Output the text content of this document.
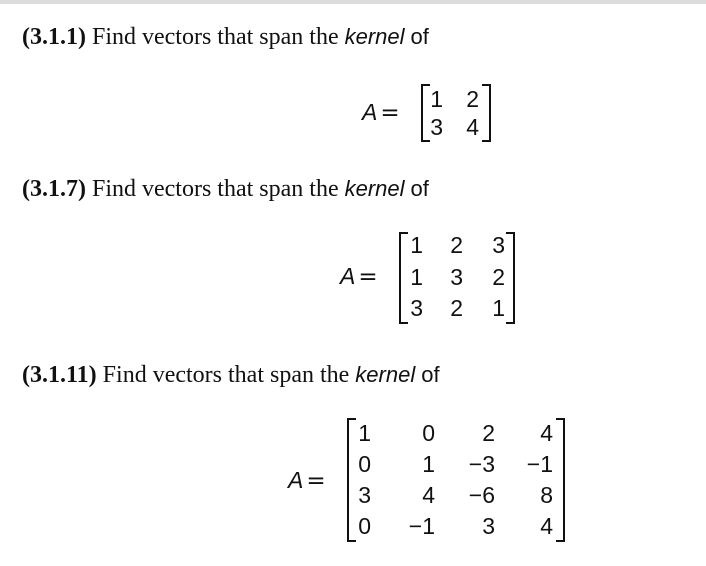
(3.1.1) Find vectors that span the kernel of
A =
1 2
3 4
(3.1.7) Find vectors that span the kernel of
A =
1 2	3
1 3	2
3 2	1
(3.1.11) Find vectors that span the kernel of
A =
1	0	2	4
0	1	−3	−1
3	4	−6	8
0	−1	3	4
